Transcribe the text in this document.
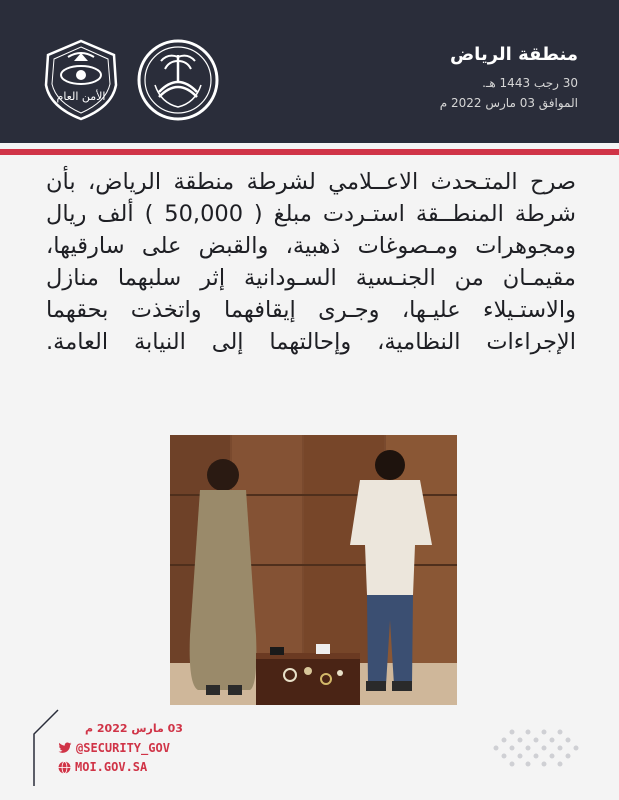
الأمن العام
منطقة الرياض
30 رجب 1443 هـ.
الموافق 03 مارس 2022 م
صرح المتـحدث الاعــلامي لشرطة منطقة الرياض، بأن
شرطة المنطــقة استـردت مبلغ ( 50,000 ) ألف ريال
ومجوهرات ومـصوغات ذهبية، والقبض على سارقيها،
مقيمـان من الجنـسية السـودانية إثر سلبهما منازل
والاستـيلاء عليـها، وجـرى إيقافهما واتخذت بحقهما
الإجراءات النظامية، وإحالتهما إلى النيابة العامة.
03 مارس 2022 م
@SECURITY_GOV
MOI.GOV.SA
